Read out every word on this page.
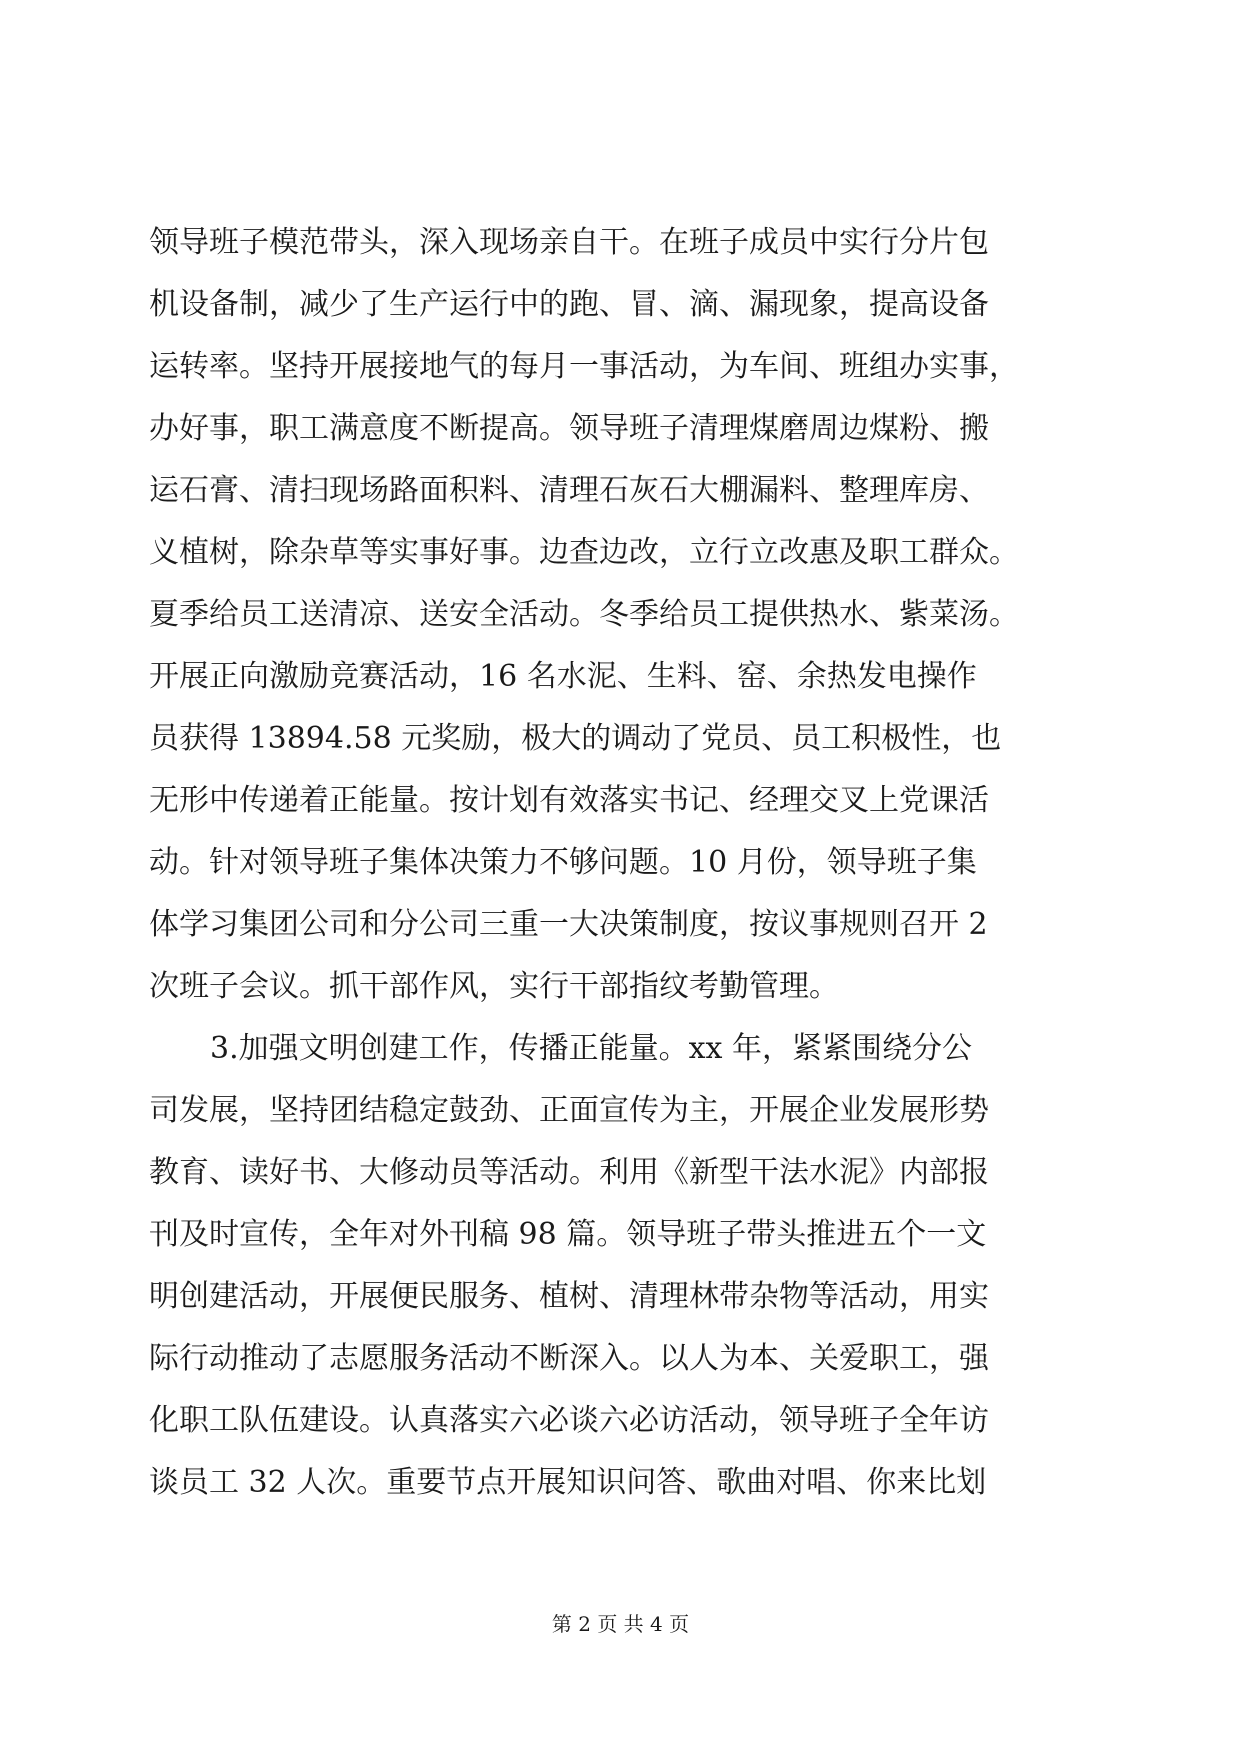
领导班子模范带头，深入现场亲自干。在班子成员中实行分片包
机设备制，减少了生产运行中的跑、冒、滴、漏现象，提高设备
运转率。坚持开展接地气的每月一事活动，为车间、班组办实事，
办好事，职工满意度不断提高。领导班子清理煤磨周边煤粉、搬
运石膏、清扫现场路面积料、清理石灰石大棚漏料、整理库房、
义植树，除杂草等实事好事。边查边改，立行立改惠及职工群众。
夏季给员工送清凉、送安全活动。冬季给员工提供热水、紫菜汤。
开展正向激励竞赛活动，16 名水泥、生料、窑、余热发电操作
员获得 13894.58 元奖励，极大的调动了党员、员工积极性，也
无形中传递着正能量。按计划有效落实书记、经理交叉上党课活
动。针对领导班子集体决策力不够问题。10 月份，领导班子集
体学习集团公司和分公司三重一大决策制度，按议事规则召开 2
次班子会议。抓干部作风，实行干部指纹考勤管理。
3.加强文明创建工作，传播正能量。xx 年，紧紧围绕分公
司发展，坚持团结稳定鼓劲、正面宣传为主，开展企业发展形势
教育、读好书、大修动员等活动。利用《新型干法水泥》内部报
刊及时宣传，全年对外刊稿 98 篇。领导班子带头推进五个一文
明创建活动，开展便民服务、植树、清理林带杂物等活动，用实
际行动推动了志愿服务活动不断深入。以人为本、关爱职工，强
化职工队伍建设。认真落实六必谈六必访活动，领导班子全年访
谈员工 32 人次。重要节点开展知识问答、歌曲对唱、你来比划
第 2 页 共 4 页
